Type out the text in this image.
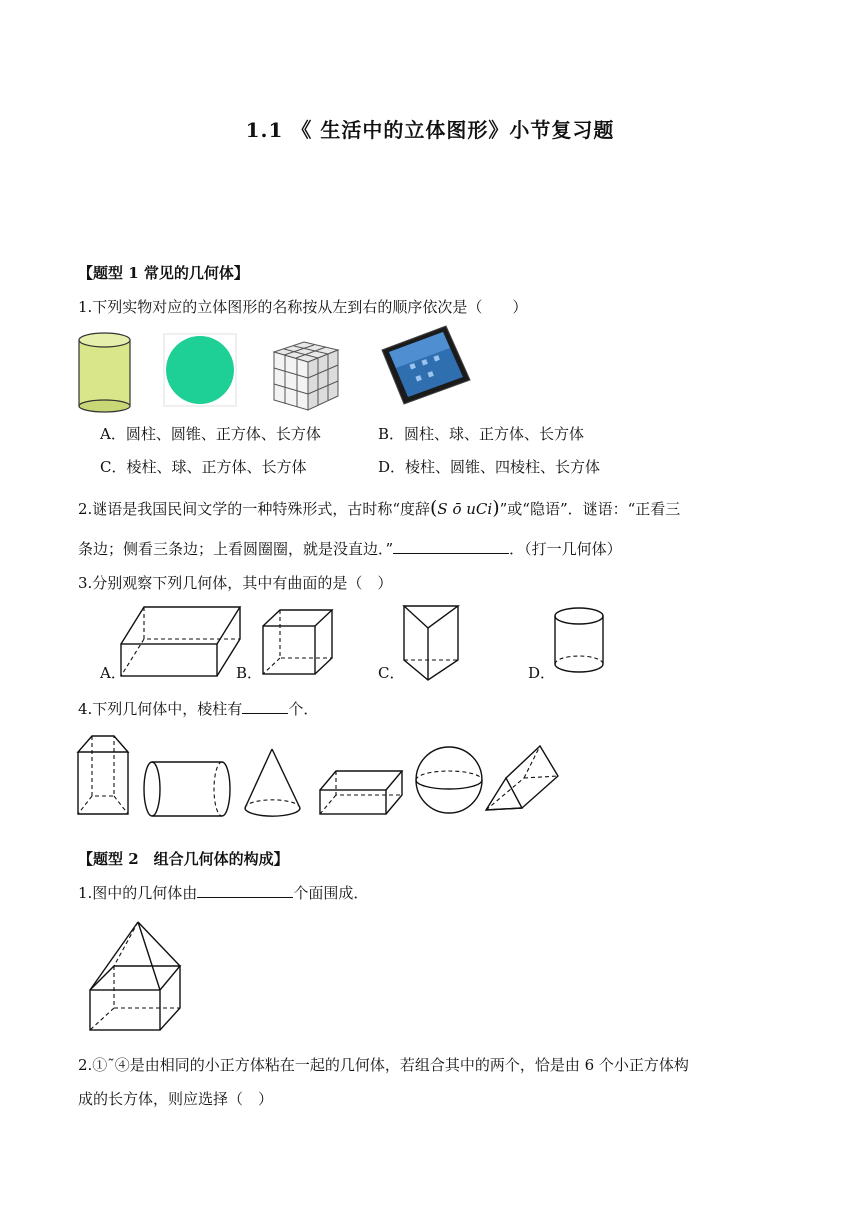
1.1 《 生活中的立体图形》小节复习题
【题型 1 常见的几何体】
1.下列实物对应的立体图形的名称按从左到右的顺序依次是（　　）
A．圆柱、圆锥、正方体、长方体	B．圆柱、球、正方体、长方体
C．棱柱、球、正方体、长方体	D．棱柱、圆锥、四棱柱、长方体
2.谜语是我国民间文学的一种特殊形式，古时称“度辞(S ō uCi)”或“隐语”．谜语：“正看三
条边；侧看三条边；上看圆圈圈，就是没直边．”	．（打一几何体）
3.分别观察下列几何体，其中有曲面的是（　）
A．	B．	C．	D．
4.下列几何体中，棱柱有	个．
【题型 2　组合几何体的构成】
1.图中的几何体由	个面围成．
2.①˜④是由相同的小正方体粘在一起的几何体，若组合其中的两个，恰是由 6 个小正方体构
成的长方体，则应选择（　）
